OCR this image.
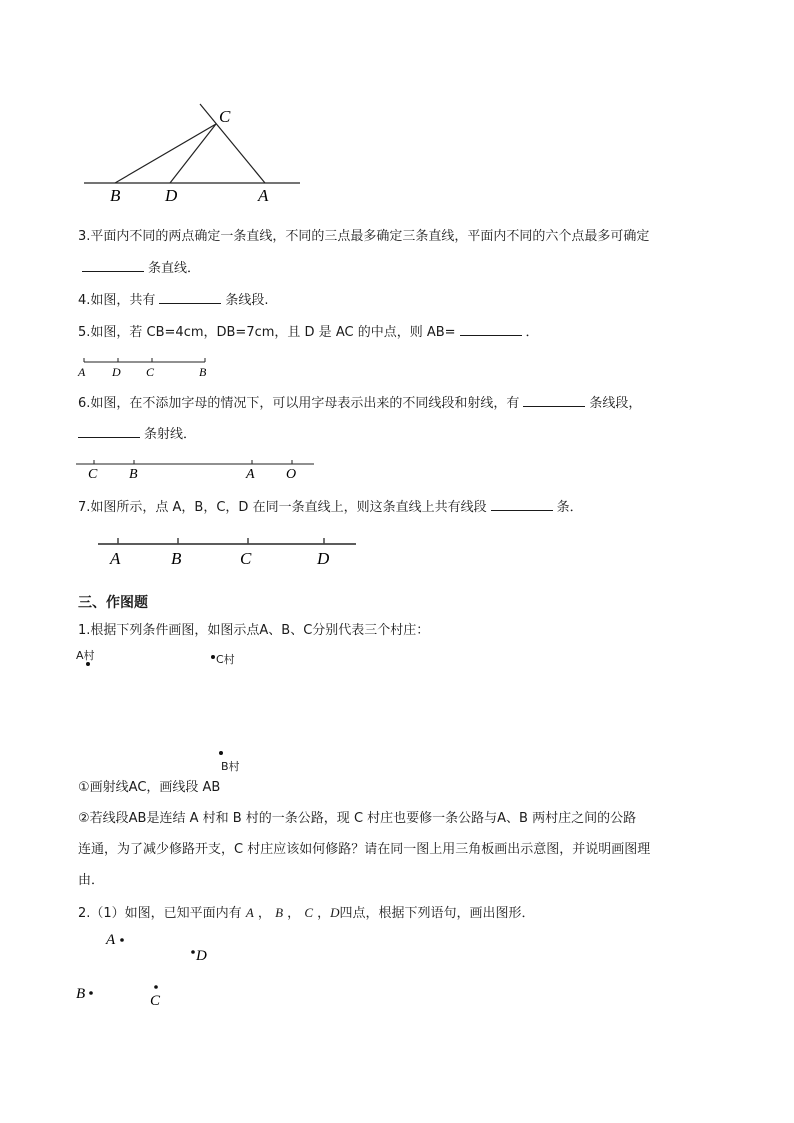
C
B	D	A
3.平面内不同的两点确定一条直线，不同的三点最多确定三条直线，平面内不同的六个点最多可确定
条直线．
4.如图，共有	条线段.
5.如图，若 CB=4cm，DB=7cm，且 D 是 AC 的中点，则 AB=	．
A D C	B
6.如图，在不添加字母的情况下，可以用字母表示出来的不同线段和射线，有	条线段，
条射线．
C B	A O
7.如图所示，点 A，B，C，D 在同一条直线上，则这条直线上共有线段	条．
A	B	C	D
三、作图题
1.根据下列条件画图，如图示点A、B、C分别代表三个村庄：
A村	C村
B村
①画射线AC，画线段 AB
②若线段AB是连结 A 村和 B 村的一条公路，现 C 村庄也要修一条公路与A、B 两村庄之间的公路
连通，为了减少修路开支，C 村庄应该如何修路？请在同一图上用三角板画出示意图，并说明画图理
由．
2.（1）如图，已知平面内有 A ， B ， C ，D四点，根据下列语句，画出图形．
A
D
B	C
